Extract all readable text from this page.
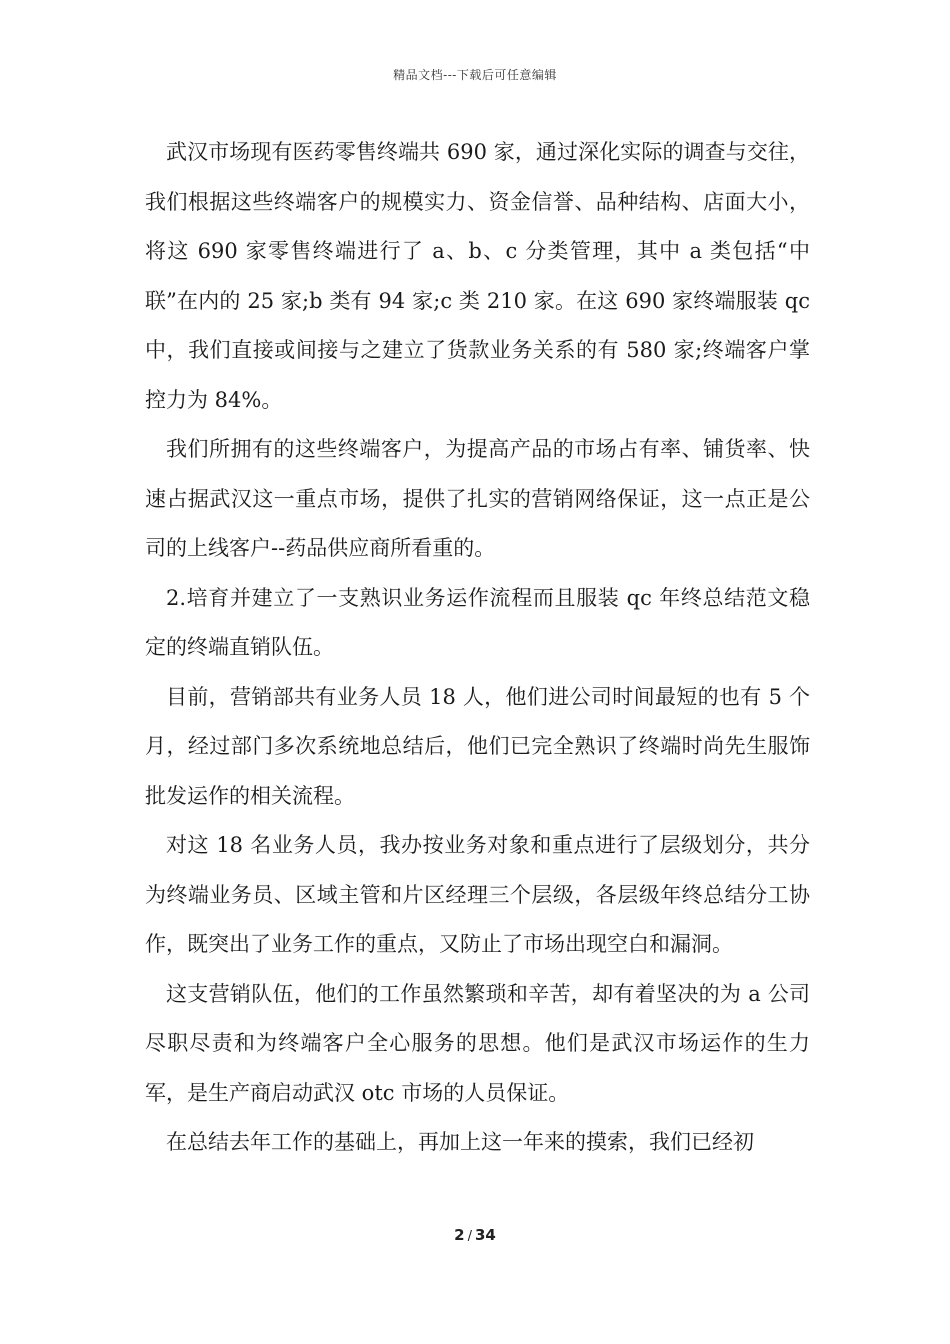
精品文档---下载后可任意编辑

武汉市场现有医药零售终端共 690 家，通过深化实际的调查与交往，我们根据这些终端客户的规模实力、资金信誉、品种结构、店面大小，将这 690 家零售终端进行了 a、b、c 分类管理，其中 a 类包括“中联”在内的 25 家;b 类有 94 家;c 类 210 家。在这 690 家终端服装 qc 中，我们直接或间接与之建立了货款业务关系的有 580 家;终端客户掌控力为 84%。

我们所拥有的这些终端客户，为提高产品的市场占有率、铺货率、快速占据武汉这一重点市场，提供了扎实的营销网络保证，这一点正是公司的上线客户--药品供应商所看重的。

2.培育并建立了一支熟识业务运作流程而且服装 qc 年终总结范文稳定的终端直销队伍。

目前，营销部共有业务人员 18 人，他们进公司时间最短的也有 5 个月，经过部门多次系统地总结后，他们已完全熟识了终端时尚先生服饰批发运作的相关流程。

对这 18 名业务人员，我办按业务对象和重点进行了层级划分，共分为终端业务员、区域主管和片区经理三个层级，各层级年终总结分工协作，既突出了业务工作的重点，又防止了市场出现空白和漏洞。

这支营销队伍，他们的工作虽然繁琐和辛苦，却有着坚决的为 a 公司尽职尽责和为终端客户全心服务的思想。他们是武汉市场运作的生力军，是生产商启动武汉 otc 市场的人员保证。

在总结去年工作的基础上，再加上这一年来的摸索，我们已经初

2 / 34
